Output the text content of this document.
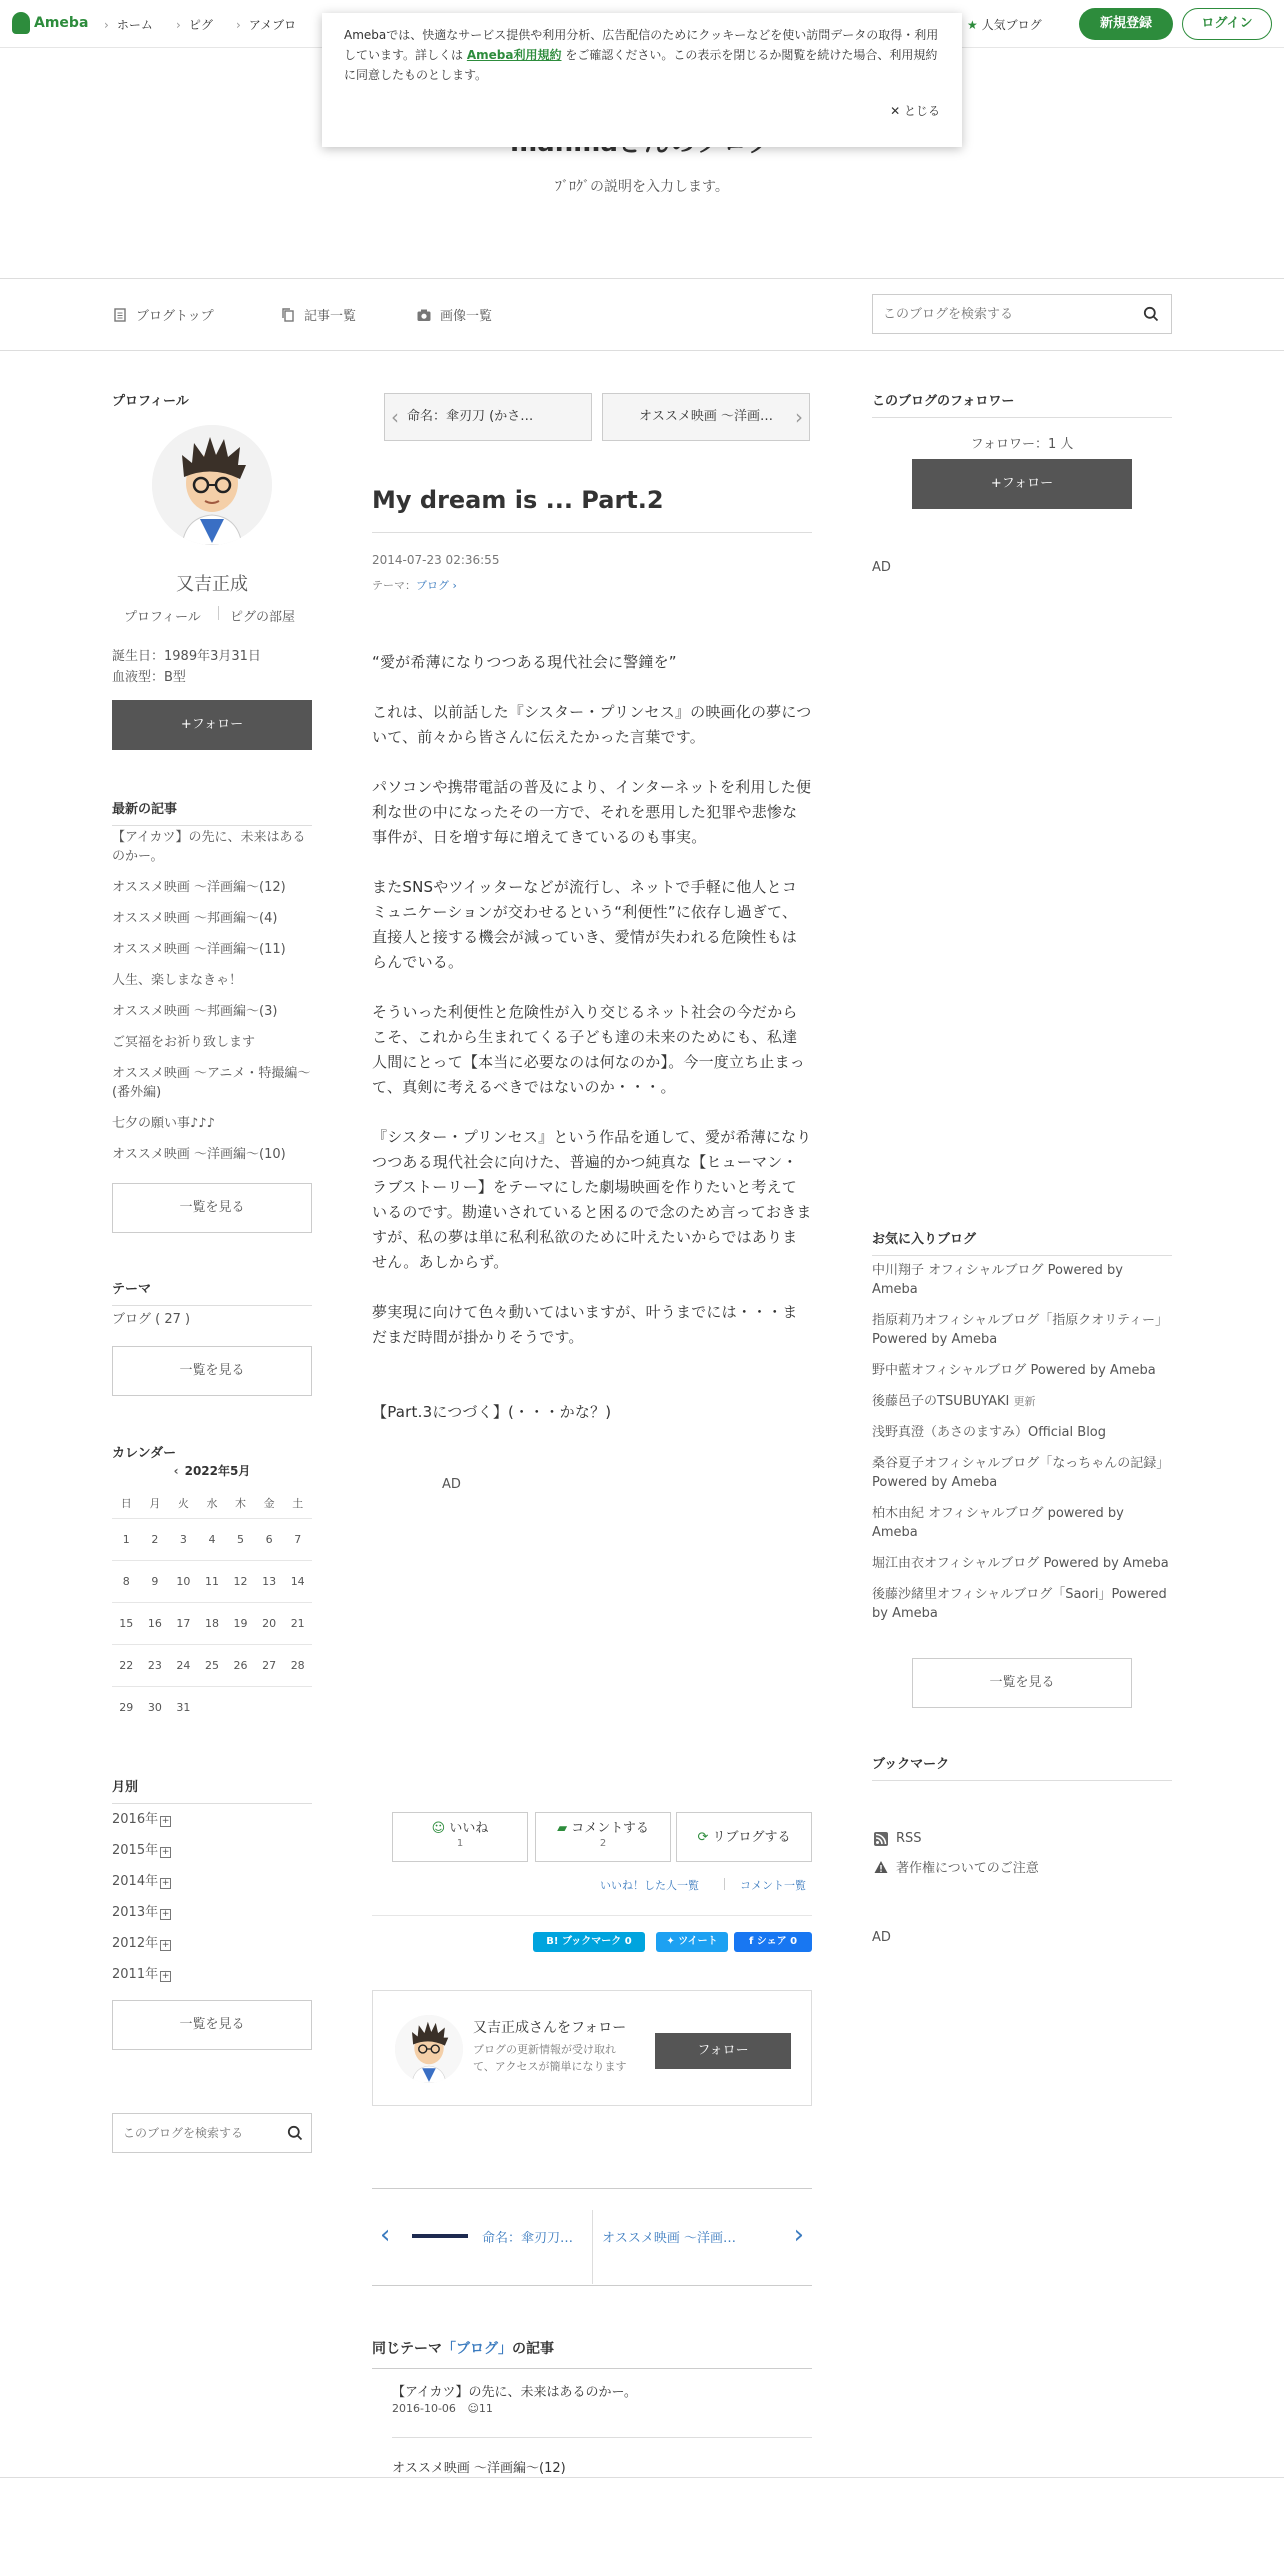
Ameba	› ホーム	› ピグ	› アメブロ	★ 人気ブログ	新規登録	ログイン
Amebaでは、快適なサービス提供や利用分析、広告配信のためにクッキーなどを使い訪問データの取得・利用しています。詳しくは Ameba利用規約 をご確認ください。この表示を閉じるか閲覧を続けた場合、利用規約に同意したものとします。
✕ とじる
ﾌﾞﾛｸﾞの説明を入力します。
ブログトップ	記事一覧	画像一覧
このブログを検索する
プロフィール
又吉正成
プロフィール ピグの部屋
誕生日：1989年3月31日
血液型：B型
+フォロー
最新の記事
【アイカツ】の先に、未来はあるのかー。
オススメ映画 ～洋画編～(12)
オススメ映画 ～邦画編～(4)
オススメ映画 ～洋画編～(11)
人生、楽しまなきゃ！
オススメ映画 ～邦画編～(3)
ご冥福をお祈り致します
オススメ映画 ～アニメ・特撮編～(番外編)
七夕の願い事♪♪♪
オススメ映画 ～洋画編～(10)
一覧を見る
テーマ
ブログ ( 27 )
一覧を見る
カレンダー
‹ 2022年5月
日	月	火	水	木	金	土
1	2	3	4	5	6	7
8	9	10	11	12	13	14
15	16	17	18	19	20	21
22	23	24	25	26	27	28
29	30	31				
月別
2016年 +
2015年 +
2014年 +
2013年 +
2012年 +
2011年 +
一覧を見る
このブログを検索する
‹ 命名：傘刃刀 (かさ…	オススメ映画 ～洋画… ›
My dream is ... Part.2
2014-07-23 02:36:55
テーマ：ブログ ›

“愛が希薄になりつつある現代社会に警鐘を”

これは、以前話した『シスター・プリンセス』の映画化の夢について、前々から皆さんに伝えたかった言葉です。

パソコンや携帯電話の普及により、インターネットを利用した便利な世の中になったその一方で、それを悪用した犯罪や悲惨な事件が、日を増す毎に増えてきているのも事実。

またSNSやツイッターなどが流行し、ネットで手軽に他人とコミュニケーションが交わせるという“利便性”に依存し過ぎて、直接人と接する機会が減っていき、愛情が失われる危険性もはらんでいる。

そういった利便性と危険性が入り交じるネット社会の今だからこそ、これから生まれてくる子ども達の未来のためにも、私達人間にとって【本当に必要なのは何なのか】。今一度立ち止まって、真剣に考えるべきではないのか・・・。

『シスター・プリンセス』という作品を通して、愛が希薄になりつつある現代社会に向けた、普遍的かつ純真な【ヒューマン・ラブストーリー】をテーマにした劇場映画を作りたいと考えているのです。勘違いされていると困るので念のため言っておきますが、私の夢は単に私利私欲のために叶えたいからではありません。あしからず。

夢実現に向けて色々動いてはいますが、叶うまでには・・・まだまだ時間が掛かりそうです。

【Part.3につづく】(・・・かな？)

AD
☺ いいね
1
▰ コメントする
2	⟳ リブログする
いいね！した人一覧	コメント一覧
B! ブックマーク 0	✦ ツイート	f シェア 0
又吉正成さんをフォロー
ブログの更新情報が受け取れて、アクセスが簡単になります
フォロー
‹	命名：傘刃刀… オススメ映画 ～洋画… ›
同じテーマ「ブログ」の記事
【アイカツ】の先に、未来はあるのかー。
2016-10-06 ☺11
オススメ映画 ～洋画編～(12)
このブログのフォロワー
フォロワー：1 人
+フォロー
AD
お気に入りブログ
中川翔子 オフィシャルブログ Powered by Ameba
指原莉乃オフィシャルブログ「指原クオリティー」Powered by Ameba
野中藍オフィシャルブログ Powered by Ameba
後藤邑子のTSUBUYAKI 更新
浅野真澄（あさのますみ）Official Blog
桑谷夏子オフィシャルブログ「なっちゃんの記録」Powered by Ameba
柏木由紀 オフィシャルブログ powered by Ameba
堀江由衣オフィシャルブログ Powered by Ameba
後藤沙緒里オフィシャルブログ「Saori」Powered by Ameba
一覧を見る
ブックマーク
RSS
著作権についてのご注意
AD
